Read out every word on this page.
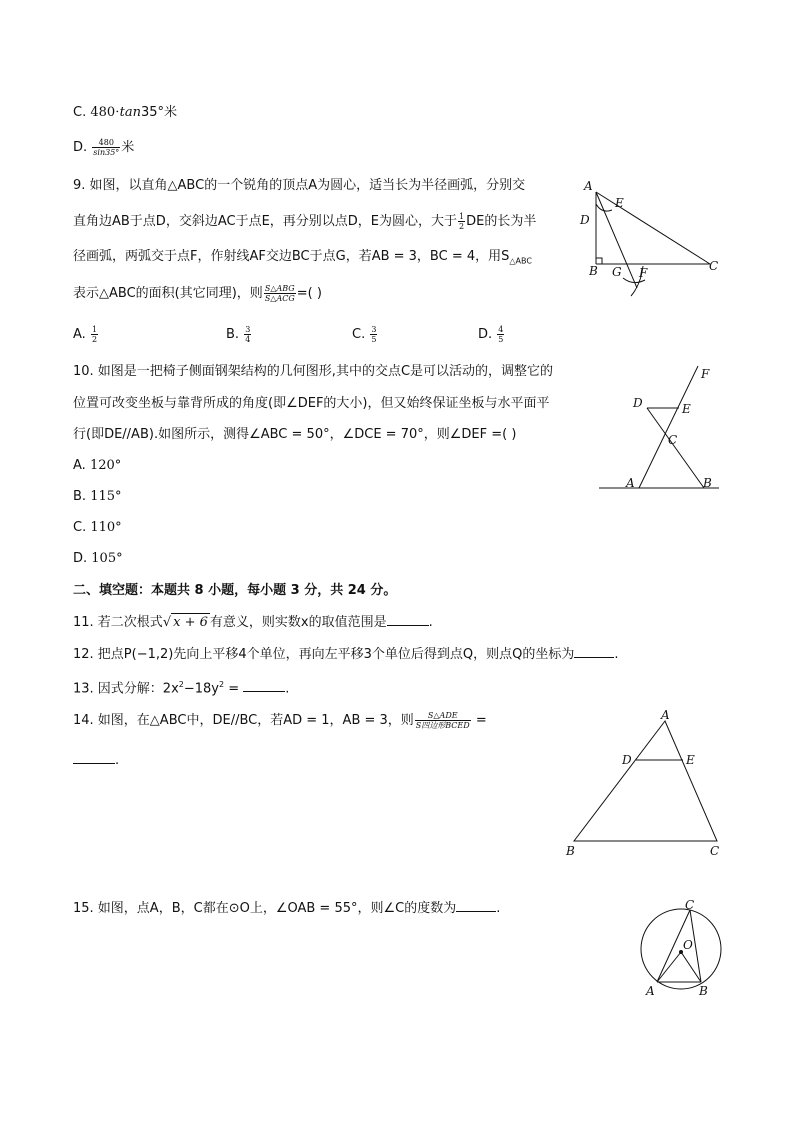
C. 480⋅tan35°米
D. $\frac{480}{\sin 35^\circ}$ 米
9. 如图，以直角△ABC的一个锐角的顶点A为圆心，适当长为半径画弧，分别交
直角边AB于点D，交斜边AC于点E，再分别以点D，E为圆心，大于 $\frac{1}{2}$ DE的长为半
径画弧，两弧交于点F，作射线AF交边BC于点G，若AB = 3，BC = 4，用$S_{\triangle ABC}$
表示△ABC的面积(其它同理)，则 $\frac{\text{S△ABG}}{\text{S△ACG}}$ =( )
A. $\frac{1}{2}$	B. $\frac{3}{4}$	C. $\frac{3}{5}$	D. $\frac{4}{5}$
A
E
D
B G F	C
10. 如图是一把椅子侧面钢架结构的几何图形,其中的交点C是可以活动的，调整它的
位置可改变坐板与靠背所成的角度(即∠DEF的大小)，但又始终保证坐板与水平面平
行(即DE//AB).如图所示，测得∠ABC = 50°，∠DCE = 70°，则∠DEF =( )
A. 120°
B. 115°
C. 110°
D. 105°
F
D	E
C
A	B
二、填空题：本题共 8 小题，每小题 3 分，共 24 分。
11. 若二次根式√ x + 6 有意义，则实数x的取值范围是	.
12. 把点P(−1,2)先向上平移4个单位，再向左平移3个单位后得到点Q，则点Q的坐标为	.
13. 因式分解：$2x^2-18y^2$ =	.
14. 如图，在△ABC中，DE//BC，若AD = 1，AB = 3，则 $\frac{\text{S△ADE}}{\text{S四边形BCED}}$ =
.
A
D	E
B	C
15. 如图，点A，B，C都在⊙O上，∠OAB = 55°，则∠C的度数为	.	C
O
A	B
